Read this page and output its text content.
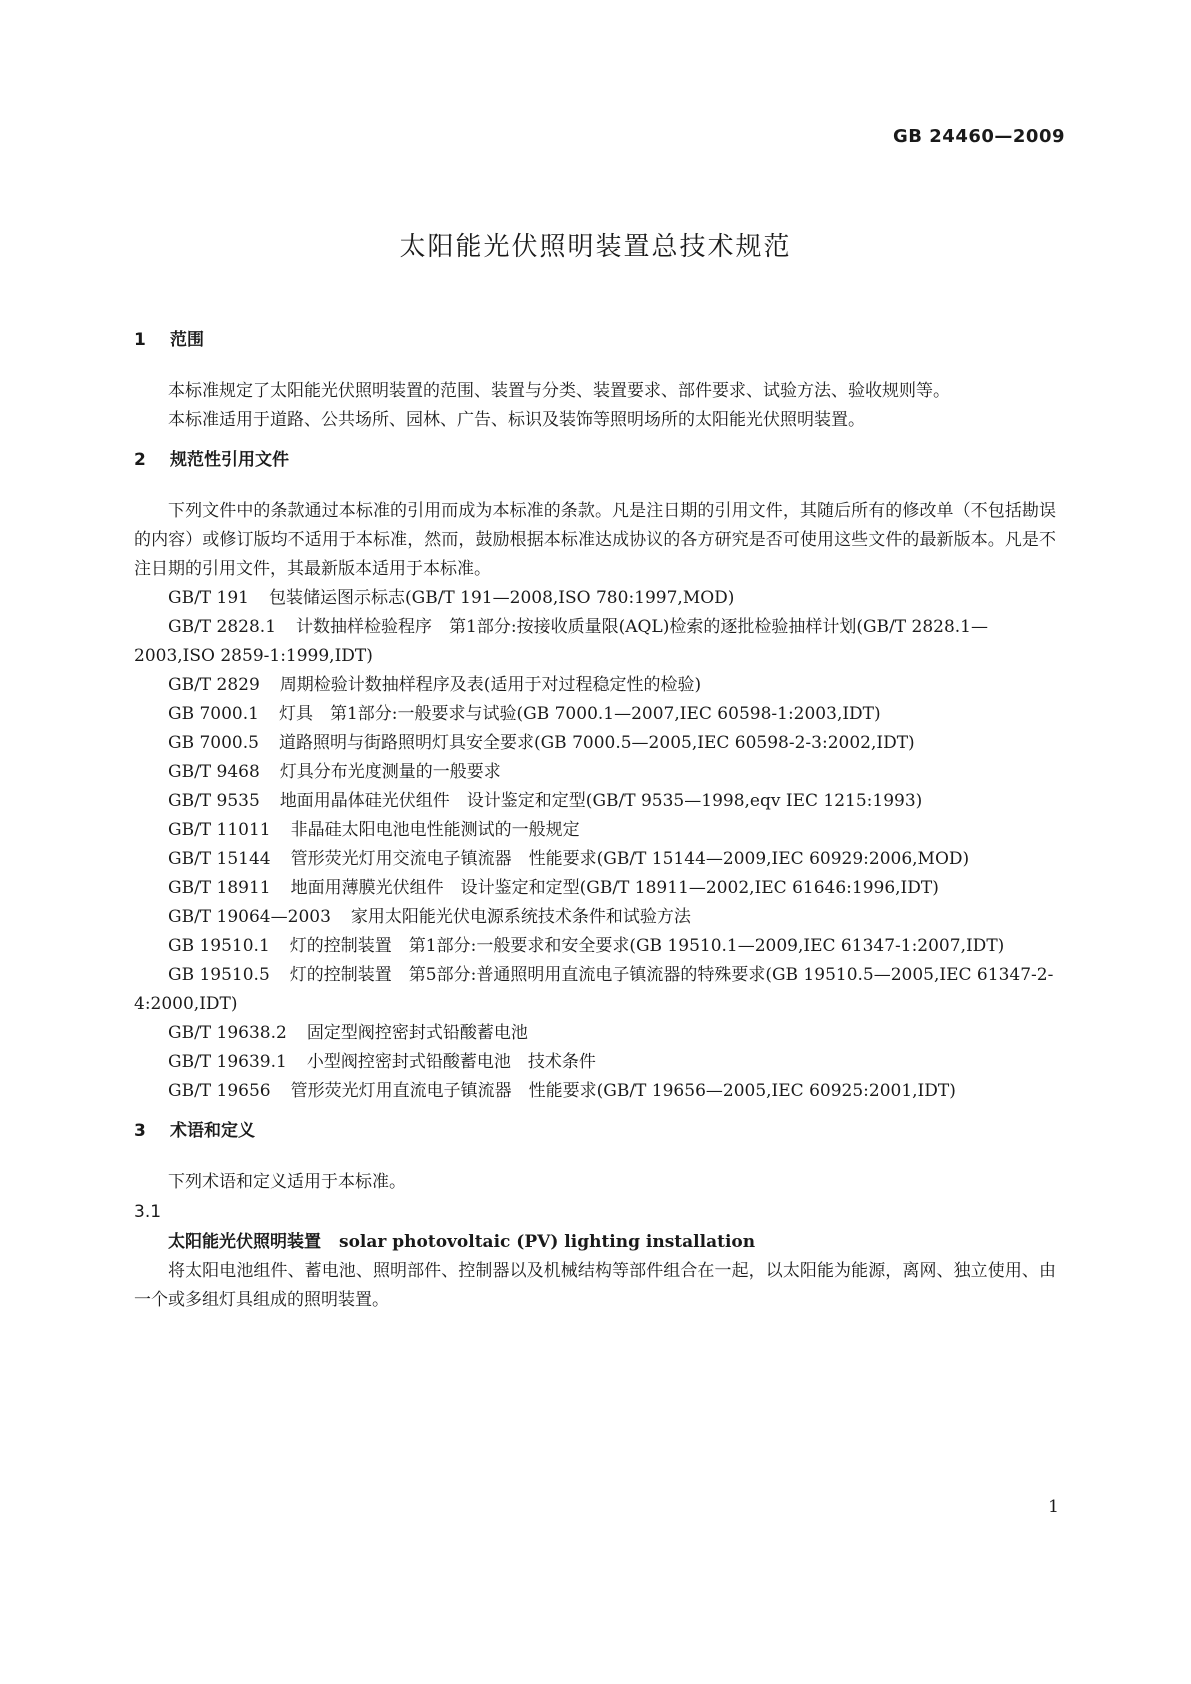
GB 24460—2009
太阳能光伏照明装置总技术规范
1 范围

本标准规定了太阳能光伏照明装置的范围、装置与分类、装置要求、部件要求、试验方法、验收规则等。

本标准适用于道路、公共场所、园林、广告、标识及装饰等照明场所的太阳能光伏照明装置。

2 规范性引用文件

下列文件中的条款通过本标准的引用而成为本标准的条款。凡是注日期的引用文件，其随后所有的修改单（不包括勘误的内容）或修订版均不适用于本标准，然而，鼓励根据本标准达成协议的各方研究是否可使用这些文件的最新版本。凡是不注日期的引用文件，其最新版本适用于本标准。

GB/T 191 包装储运图示标志(GB/T 191—2008,ISO 780:1997,MOD)

GB/T 2828.1 计数抽样检验程序　第1部分:按接收质量限(AQL)检索的逐批检验抽样计划(GB/T 2828.1—2003,ISO 2859-1:1999,IDT)

GB/T 2829 周期检验计数抽样程序及表(适用于对过程稳定性的检验)

GB 7000.1 灯具　第1部分:一般要求与试验(GB 7000.1—2007,IEC 60598-1:2003,IDT)

GB 7000.5 道路照明与街路照明灯具安全要求(GB 7000.5—2005,IEC 60598-2-3:2002,IDT)

GB/T 9468 灯具分布光度测量的一般要求

GB/T 9535 地面用晶体硅光伏组件　设计鉴定和定型(GB/T 9535—1998,eqv IEC 1215:1993)

GB/T 11011 非晶硅太阳电池电性能测试的一般规定

GB/T 15144 管形荧光灯用交流电子镇流器　性能要求(GB/T 15144—2009,IEC 60929:2006,MOD)

GB/T 18911 地面用薄膜光伏组件　设计鉴定和定型(GB/T 18911—2002,IEC 61646:1996,IDT)

GB/T 19064—2003 家用太阳能光伏电源系统技术条件和试验方法

GB 19510.1 灯的控制装置　第1部分:一般要求和安全要求(GB 19510.1—2009,IEC 61347-1:2007,IDT)

GB 19510.5 灯的控制装置　第5部分:普通照明用直流电子镇流器的特殊要求(GB 19510.5—2005,IEC 61347-2-4:2000,IDT)

GB/T 19638.2 固定型阀控密封式铅酸蓄电池

GB/T 19639.1 小型阀控密封式铅酸蓄电池　技术条件

GB/T 19656 管形荧光灯用直流电子镇流器　性能要求(GB/T 19656—2005,IEC 60925:2001,IDT)

3 术语和定义

下列术语和定义适用于本标准。

3.1

太阳能光伏照明装置 solar photovoltaic (PV) lighting installation

将太阳电池组件、蓄电池、照明部件、控制器以及机械结构等部件组合在一起，以太阳能为能源，离网、独立使用、由一个或多组灯具组成的照明装置。

1
